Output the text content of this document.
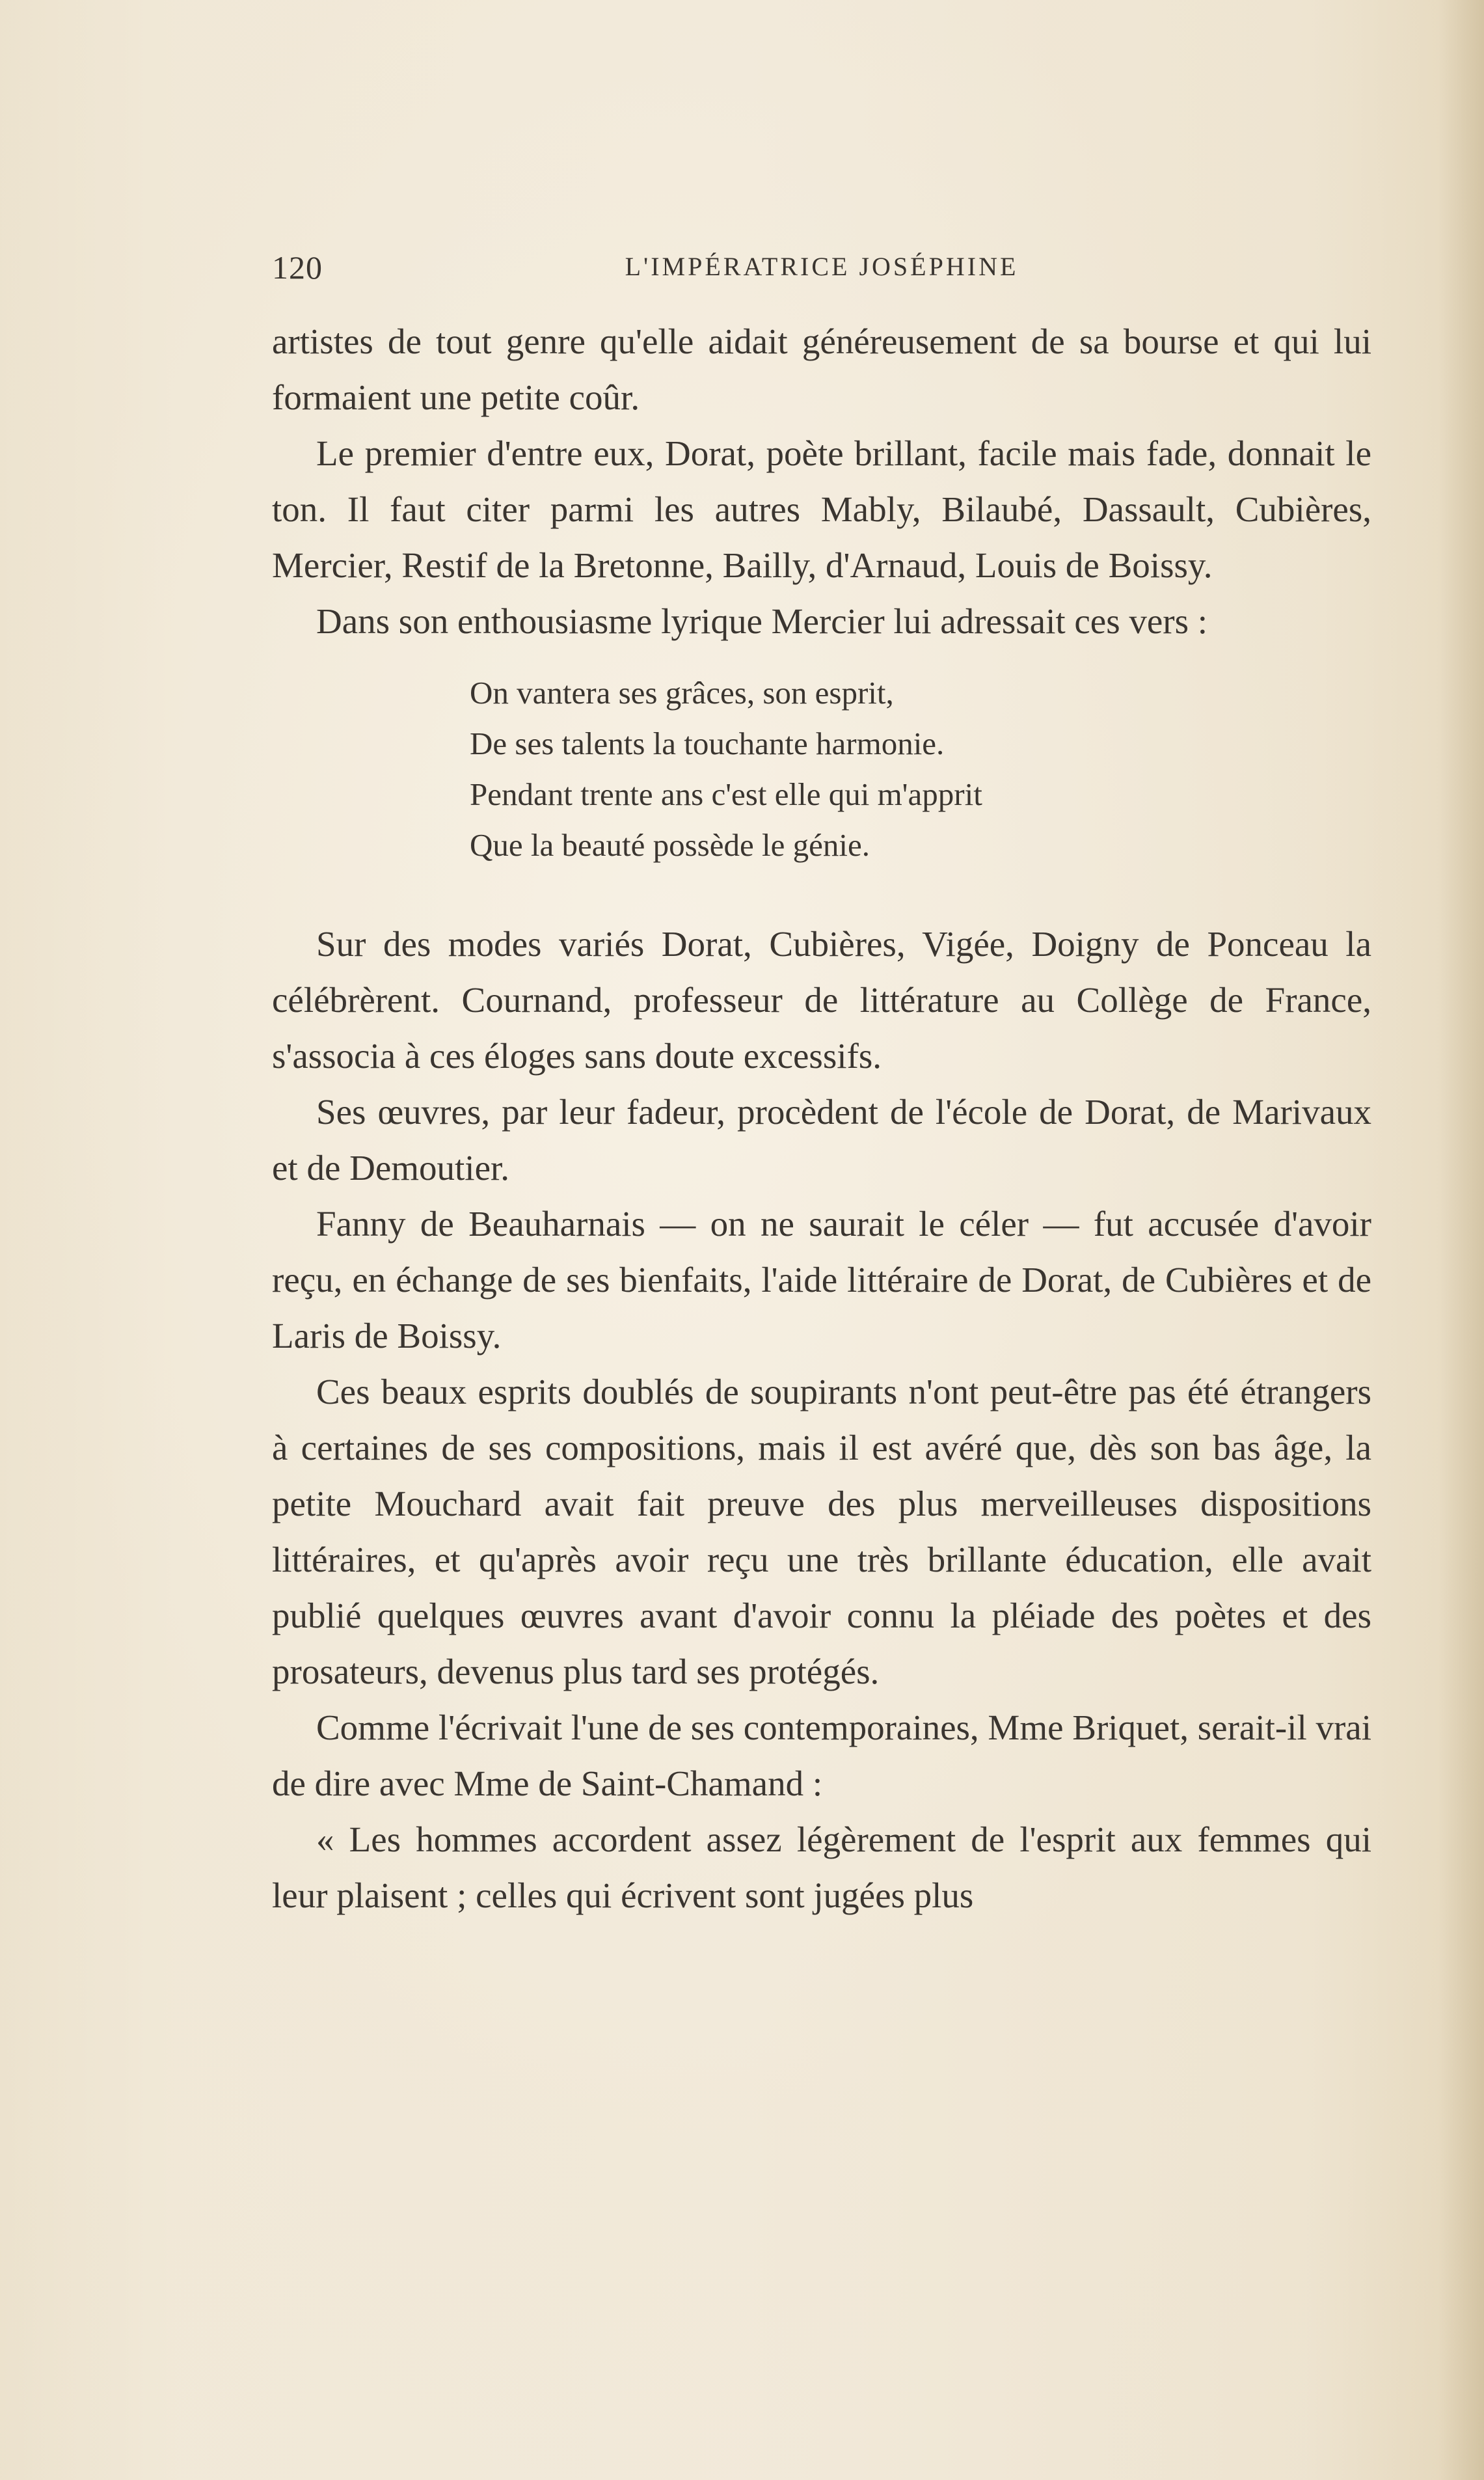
120	L'IMPÉRATRICE JOSÉPHINE

artistes de tout genre qu'elle aidait généreusement de sa bourse et qui lui formaient une petite coûr.

Le premier d'entre eux, Dorat, poète brillant, facile mais fade, donnait le ton. Il faut citer parmi les autres Mably, Bilaubé, Dassault, Cubières, Mercier, Restif de la Bretonne, Bailly, d'Arnaud, Louis de Boissy.

Dans son enthousiasme lyrique Mercier lui adressait ces vers :

On vantera ses grâces, son esprit,
De ses talents la touchante harmonie.
Pendant trente ans c'est elle qui m'apprit
Que la beauté possède le génie.

Sur des modes variés Dorat, Cubières, Vigée, Doigny de Ponceau la célébrèrent. Cournand, professeur de littérature au Collège de France, s'associa à ces éloges sans doute excessifs.

Ses œuvres, par leur fadeur, procèdent de l'école de Dorat, de Marivaux et de Demoutier.

Fanny de Beauharnais — on ne saurait le céler — fut accusée d'avoir reçu, en échange de ses bienfaits, l'aide littéraire de Dorat, de Cubières et de Laris de Boissy.

Ces beaux esprits doublés de soupirants n'ont peut-être pas été étrangers à certaines de ses compositions, mais il est avéré que, dès son bas âge, la petite Mouchard avait fait preuve des plus merveilleuses dispositions littéraires, et qu'après avoir reçu une très brillante éducation, elle avait publié quelques œuvres avant d'avoir connu la pléiade des poètes et des prosateurs, devenus plus tard ses protégés.

Comme l'écrivait l'une de ses contemporaines, Mme Briquet, serait-il vrai de dire avec Mme de Saint-Chamand :

« Les hommes accordent assez légèrement de l'esprit aux femmes qui leur plaisent ; celles qui écrivent sont jugées plus
